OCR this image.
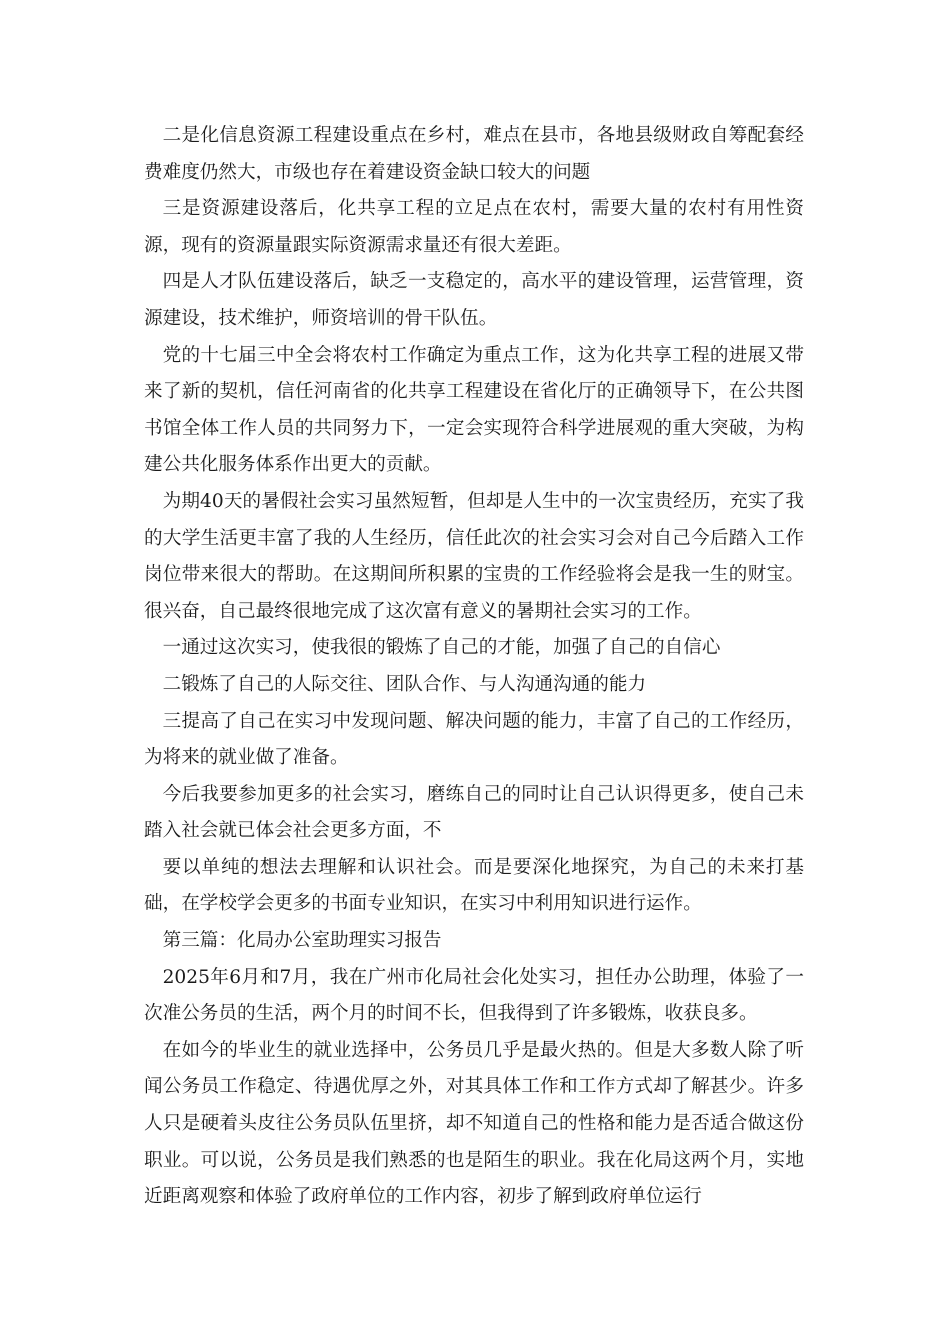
二是化信息资源工程建设重点在乡村，难点在县市，各地县级财政自筹配套经费难度仍然大，市级也存在着建设资金缺口较大的问题

三是资源建设落后，化共享工程的立足点在农村，需要大量的农村有用性资源，现有的资源量跟实际资源需求量还有很大差距。

四是人才队伍建设落后，缺乏一支稳定的，高水平的建设管理，运营管理，资源建设，技术维护，师资培训的骨干队伍。

党的十七届三中全会将农村工作确定为重点工作，这为化共享工程的进展又带来了新的契机，信任河南省的化共享工程建设在省化厅的正确领导下，在公共图书馆全体工作人员的共同努力下，一定会实现符合科学进展观的重大突破，为构建公共化服务体系作出更大的贡献。

为期40天的暑假社会实习虽然短暂，但却是人生中的一次宝贵经历，充实了我的大学生活更丰富了我的人生经历，信任此次的社会实习会对自己今后踏入工作岗位带来很大的帮助。在这期间所积累的宝贵的工作经验将会是我一生的财宝。很兴奋，自己最终很地完成了这次富有意义的暑期社会实习的工作。

一通过这次实习，使我很的锻炼了自己的才能，加强了自己的自信心

二锻炼了自己的人际交往、团队合作、与人沟通沟通的能力

三提高了自己在实习中发现问题、解决问题的能力，丰富了自己的工作经历，为将来的就业做了准备。

今后我要参加更多的社会实习，磨练自己的同时让自己认识得更多，使自己未踏入社会就已体会社会更多方面，不

要以单纯的想法去理解和认识社会。而是要深化地探究，为自己的未来打基础，在学校学会更多的书面专业知识，在实习中利用知识进行运作。

第三篇：化局办公室助理实习报告

2025年6月和7月，我在广州市化局社会化处实习，担任办公助理，体验了一次准公务员的生活，两个月的时间不长，但我得到了许多锻炼，收获良多。

在如今的毕业生的就业选择中，公务员几乎是最火热的。但是大多数人除了听闻公务员工作稳定、待遇优厚之外，对其具体工作和工作方式却了解甚少。许多人只是硬着头皮往公务员队伍里挤，却不知道自己的性格和能力是否适合做这份职业。可以说，公务员是我们熟悉的也是陌生的职业。我在化局这两个月，实地近距离观察和体验了政府单位的工作内容，初步了解到政府单位运行
